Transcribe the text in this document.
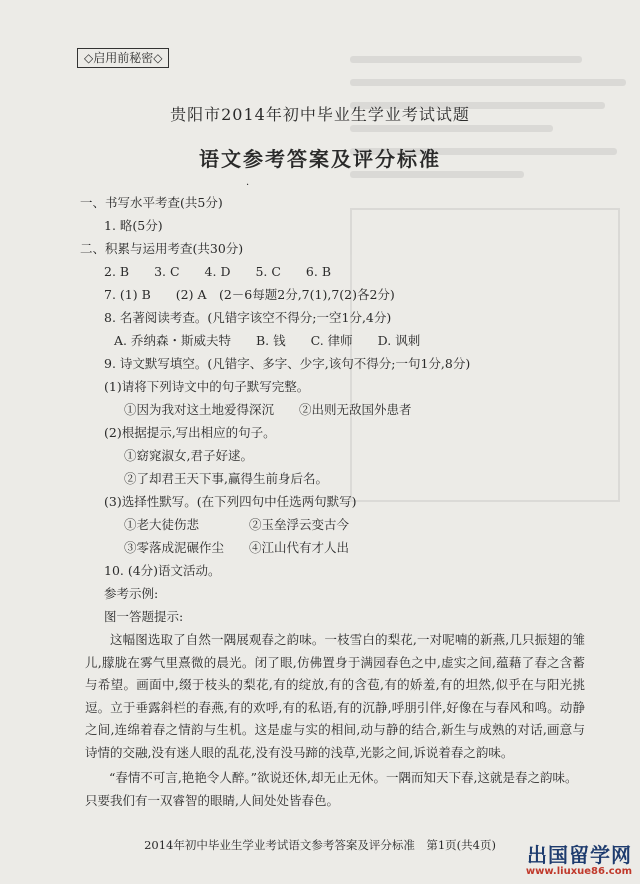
◇启用前秘密◇
贵阳市2014年初中毕业生学业考试试题
语文参考答案及评分标准
·
一、书写水平考查(共5分)
1. 略(5分)
二、积累与运用考查(共30分)
2. B　　3. C　　4. D　　5. C　　6. B
7. (1) B　　(2) A　(2－6每题2分,7(1),7(2)各2分)
8. 名著阅读考查。(凡错字该空不得分;一空1分,4分)
A. 乔纳森・斯威夫特　　B. 钱　　C. 律师　　D. 讽刺
9. 诗文默写填空。(凡错字、多字、少字,该句不得分;一句1分,8分)
(1)请将下列诗文中的句子默写完整。
①因为我对这土地爱得深沉　　②出则无敌国外患者
(2)根据提示,写出相应的句子。
①窈窕淑女,君子好逑。
②了却君王天下事,赢得生前身后名。
(3)选择性默写。(在下列四句中任选两句默写)
①老大徒伤悲　　　　②玉垒浮云变古今
③零落成泥碾作尘　　④江山代有才人出
10. (4分)语文活动。
参考示例:
图一答题提示:
这幅图选取了自然一隅展观春之韵味。一枝雪白的梨花,一对呢喃的新燕,几只振翅的雏儿,朦胧在雾气里熹微的晨光。闭了眼,仿佛置身于满园春色之中,虚实之间,蕴藉了春之含蓄与希望。画面中,缀于枝头的梨花,有的绽放,有的含苞,有的娇羞,有的坦然,似乎在与阳光挑逗。立于垂露斜栏的春燕,有的欢呼,有的私语,有的沉静,呼朋引伴,好像在与春风和鸣。动静之间,连绵着春之情韵与生机。这是虚与实的相间,动与静的结合,新生与成熟的对话,画意与诗情的交融,没有迷人眼的乱花,没有没马蹄的浅草,光影之间,诉说着春之韵味。
“春情不可言,艳艳令人醉。”欲说还休,却无止无休。一隅而知天下春,这就是春之韵味。
只要我们有一双睿智的眼睛,人间处处皆春色。
2014年初中毕业生学业考试语文参考答案及评分标准　第1页(共4页)	出国留学网
www.liuxue86.com
